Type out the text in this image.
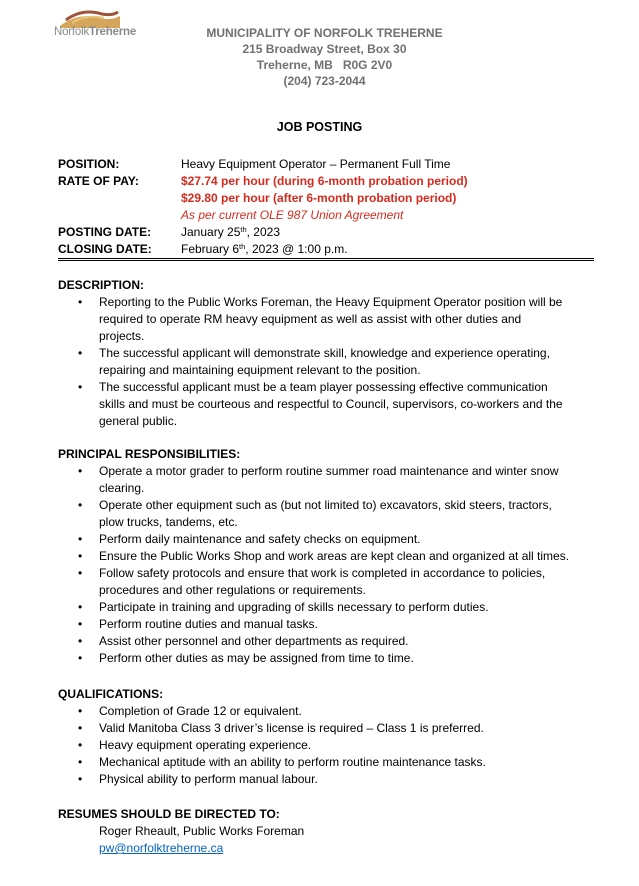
NorfolkTreherne	MUNICIPALITY OF NORFOLK TREHERNE
215 Broadway Street, Box 30
Treherne, MB   R0G 2V0
(204) 723-2044
JOB POSTING
POSITION:	Heavy Equipment Operator – Permanent Full Time
RATE OF PAY:	$27.74 per hour (during 6-month probation period)
$29.80 per hour (after 6-month probation period)
As per current OLE 987 Union Agreement
POSTING DATE:	January 25th, 2023
CLOSING DATE:	February 6th, 2023 @ 1:00 p.m.
DESCRIPTION:
• Reporting to the Public Works Foreman, the Heavy Equipment Operator position will be
required to operate RM heavy equipment as well as assist with other duties and
projects.
• The successful applicant will demonstrate skill, knowledge and experience operating,
repairing and maintaining equipment relevant to the position.
• The successful applicant must be a team player possessing effective communication
skills and must be courteous and respectful to Council, supervisors, co-workers and the
general public.
PRINCIPAL RESPONSIBILITIES:
• Operate a motor grader to perform routine summer road maintenance and winter snow
clearing.
• Operate other equipment such as (but not limited to) excavators, skid steers, tractors,
plow trucks, tandems, etc.
• Perform daily maintenance and safety checks on equipment.
• Ensure the Public Works Shop and work areas are kept clean and organized at all times.
• Follow safety protocols and ensure that work is completed in accordance to policies,
procedures and other regulations or requirements.
• Participate in training and upgrading of skills necessary to perform duties.
• Perform routine duties and manual tasks.
• Assist other personnel and other departments as required.
• Perform other duties as may be assigned from time to time.
QUALIFICATIONS:
• Completion of Grade 12 or equivalent.
• Valid Manitoba Class 3 driver’s license is required – Class 1 is preferred.
• Heavy equipment operating experience.
• Mechanical aptitude with an ability to perform routine maintenance tasks.
• Physical ability to perform manual labour.
RESUMES SHOULD BE DIRECTED TO:
Roger Rheault, Public Works Foreman
pw@norfolktreherne.ca
